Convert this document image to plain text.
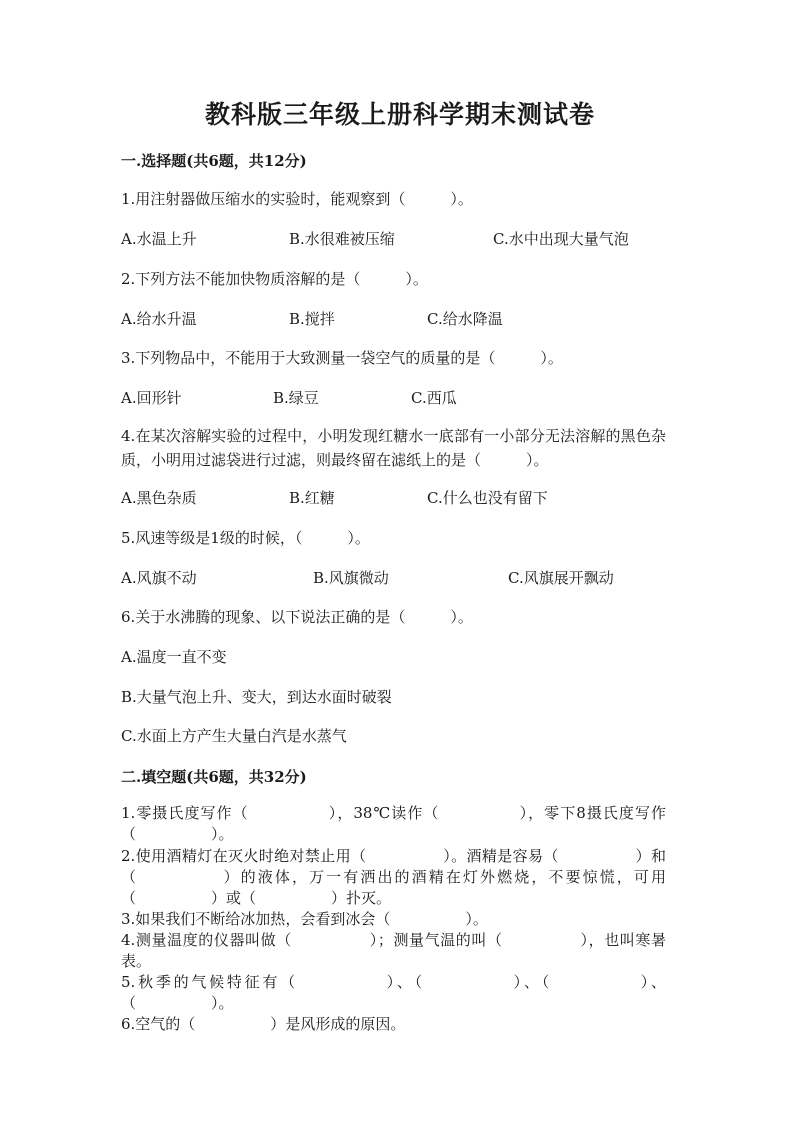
教科版三年级上册科学期末测试卷
一.选择题(共6题，共12分)
1.用注射器做压缩水的实验时，能观察到（　　　）。
A.水温上升	B.水很难被压缩	C.水中出现大量气泡
2.下列方法不能加快物质溶解的是（　　　）。
A.给水升温	B.搅拌	C.给水降温
3.下列物品中，不能用于大致测量一袋空气的质量的是（　　　）。
A.回形针	B.绿豆	C.西瓜
4.在某次溶解实验的过程中，小明发现红糖水一底部有一小部分无法溶解的黑色杂质，小明用过滤袋进行过滤，则最终留在滤纸上的是（　　　）。
A.黑色杂质	B.红糖	C.什么也没有留下
5.风速等级是1级的时候，（　　　）。
A.风旗不动	B.风旗微动	C.风旗展开飘动
6.关于水沸腾的现象、以下说法正确的是（　　　）。
A.温度一直不变
B.大量气泡上升、变大，到达水面时破裂
C.水面上方产生大量白汽是水蒸气
二.填空题(共6题，共32分)
1.零摄氏度写作（　　　　　），38℃读作（　　　　　），零下8摄氏度写作（　　　　　）。
2.使用酒精灯在灭火时绝对禁止用（　　　　　）。酒精是容易（　　　　　）和（　　　　　）的液体，万一有洒出的酒精在灯外燃烧，不要惊慌，可用（　　　　　）或（　　　　　）扑灭。
3.如果我们不断给冰加热，会看到冰会（　　　　　）。
4.测量温度的仪器叫做（　　　　　）；测量气温的叫（　　　　　），也叫寒暑表。
5.秋季的气候特征有（　　　　　）、（　　　　　）、（　　　　　）、（　　　　　）。
6.空气的（　　　　　）是风形成的原因。
